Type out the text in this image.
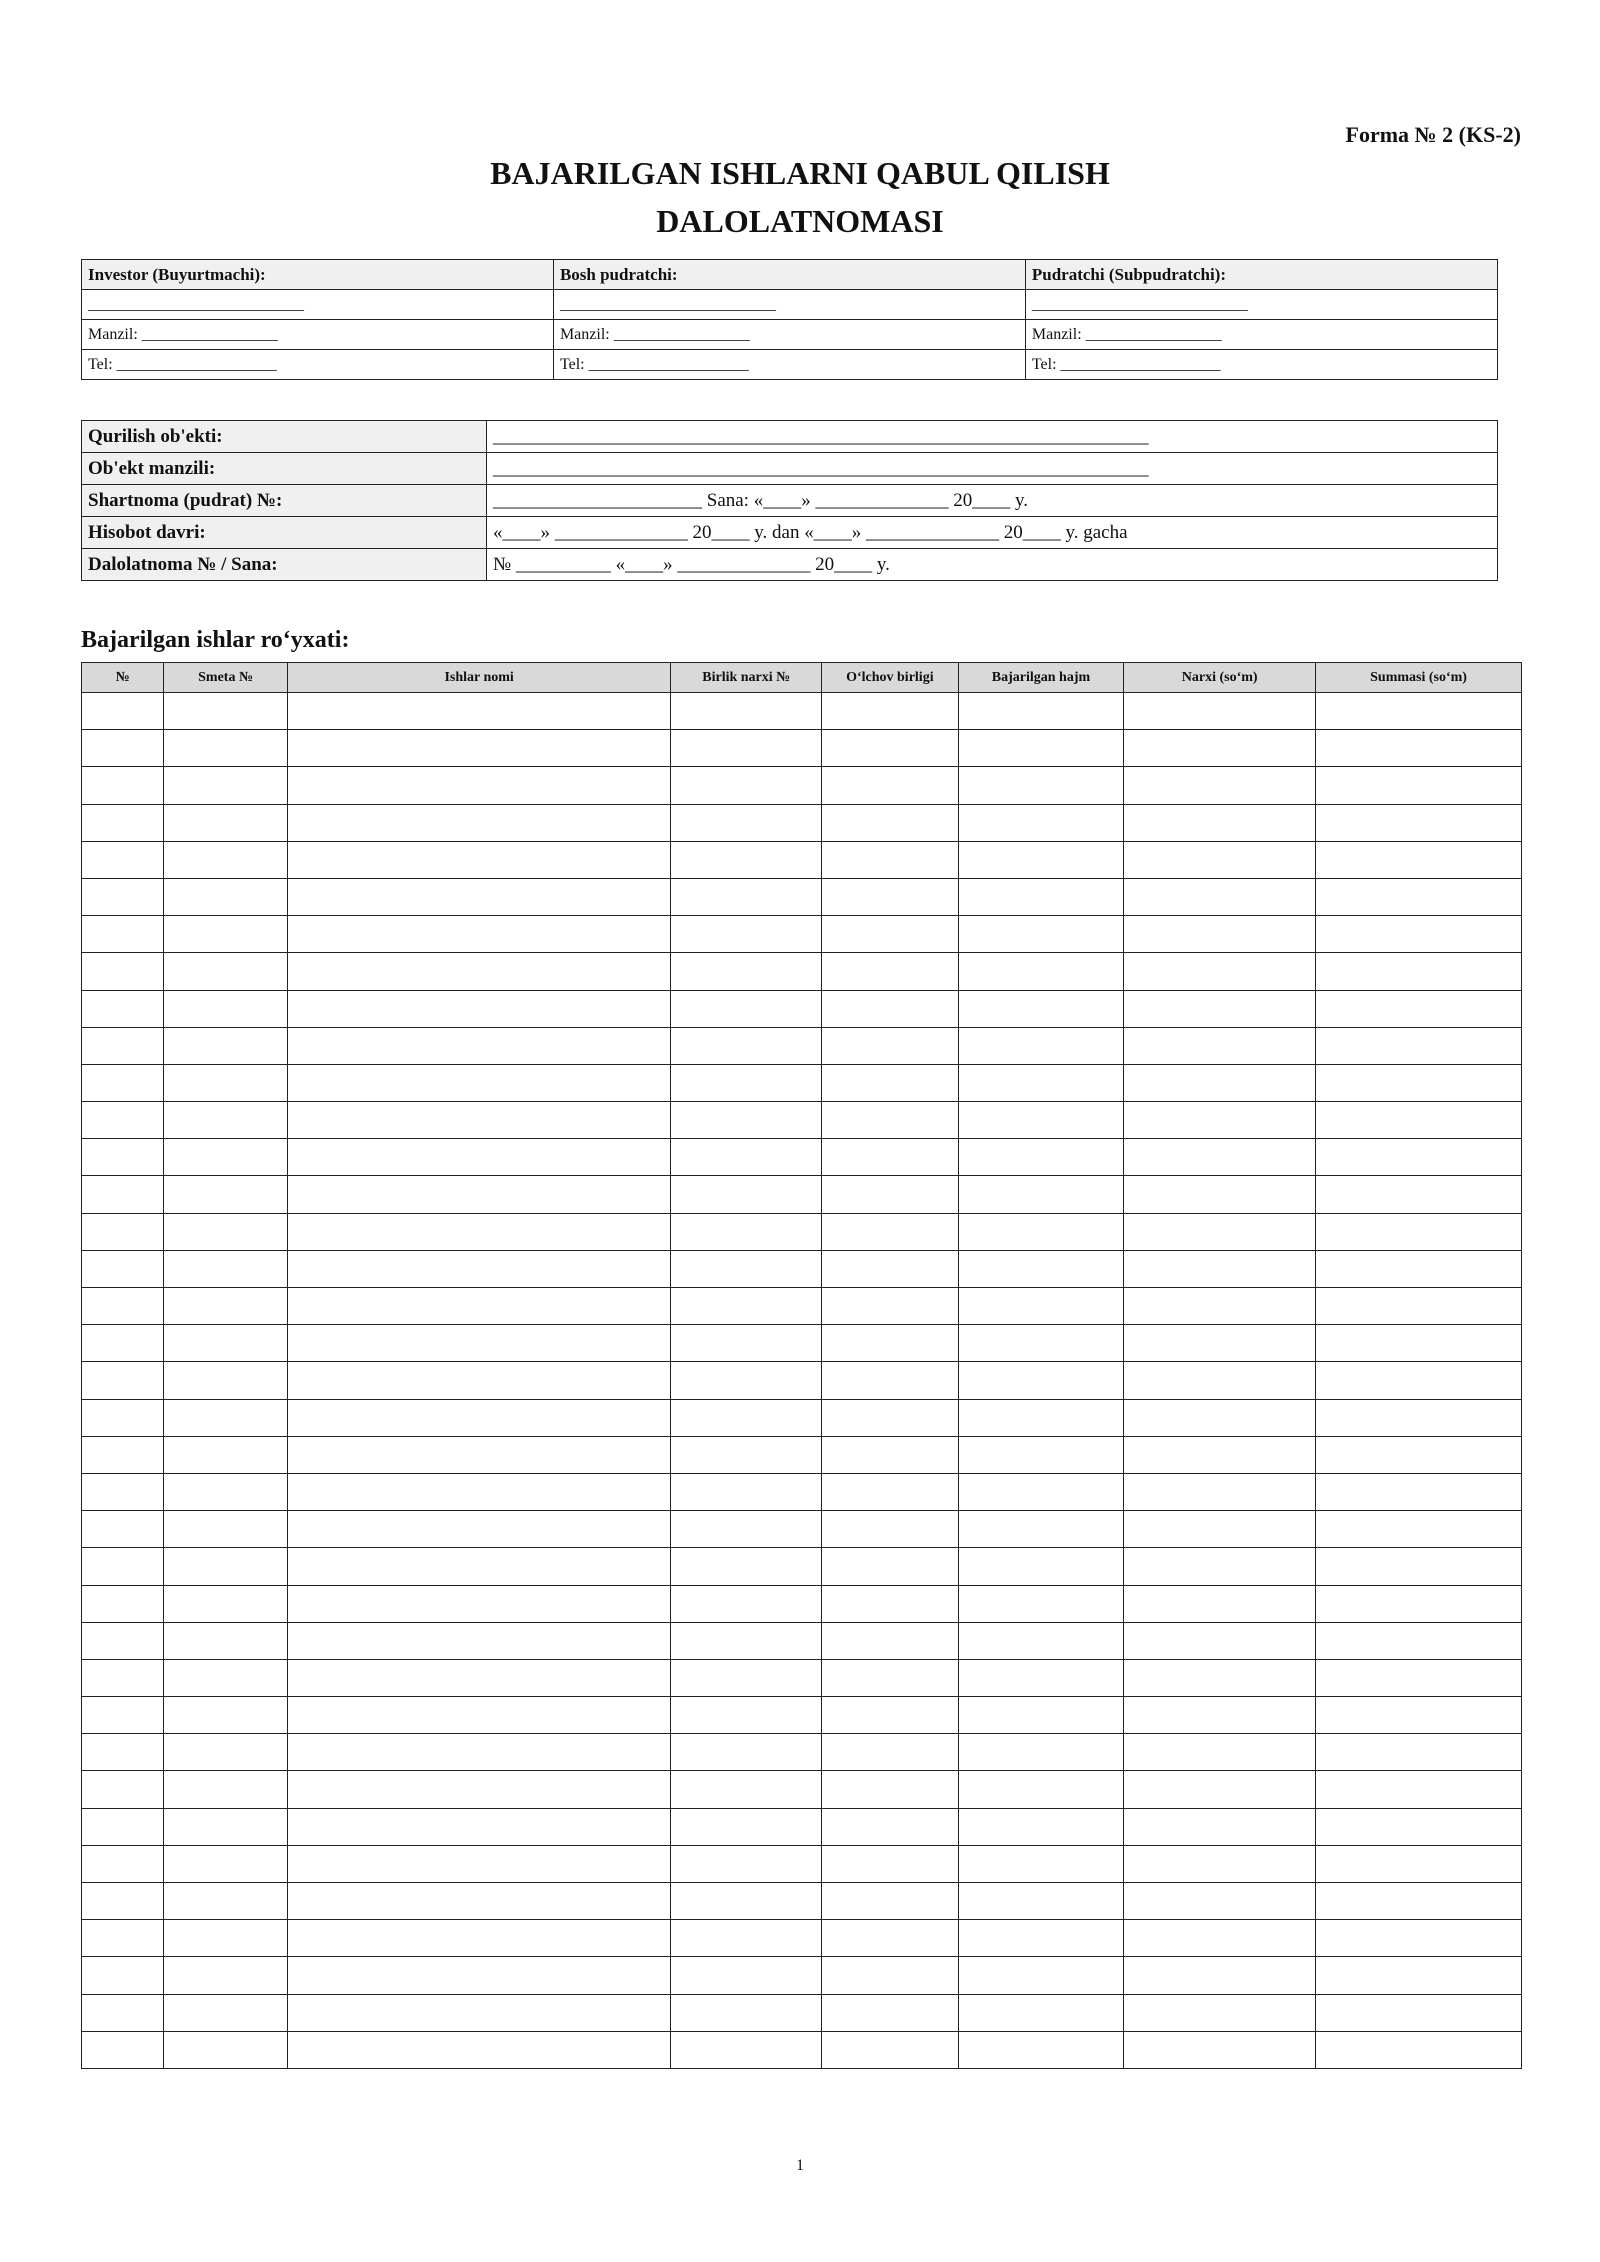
Forma № 2 (KS-2)
BAJARILGAN ISHLARNI QABUL QILISH
DALOLATNOMASI
Investor (Buyurtmachi):	Bosh pudratchi:	Pudratchi (Subpudratchi):
___________________________	___________________________	___________________________
Manzil: _________________	Manzil: _________________	Manzil: _________________
Tel: ____________________	Tel: ____________________	Tel: ____________________
Qurilish ob'ekti:	_____________________________________________________________________
Ob'ekt manzili:	_____________________________________________________________________
Shartnoma (pudrat) №:	______________________ Sana: «____» ______________ 20____ y.
Hisobot davri:	«____» ______________ 20____ y. dan «____» ______________ 20____ y. gacha
Dalolatnoma № / Sana:	№ __________ «____» ______________ 20____ y.
Bajarilgan ishlar ro‘yxati:
№	Smeta №	Ishlar nomi	Birlik narxi №	O‘lchov birligi	Bajarilgan hajm	Narxi (so‘m)	Summasi (so‘m)

1
